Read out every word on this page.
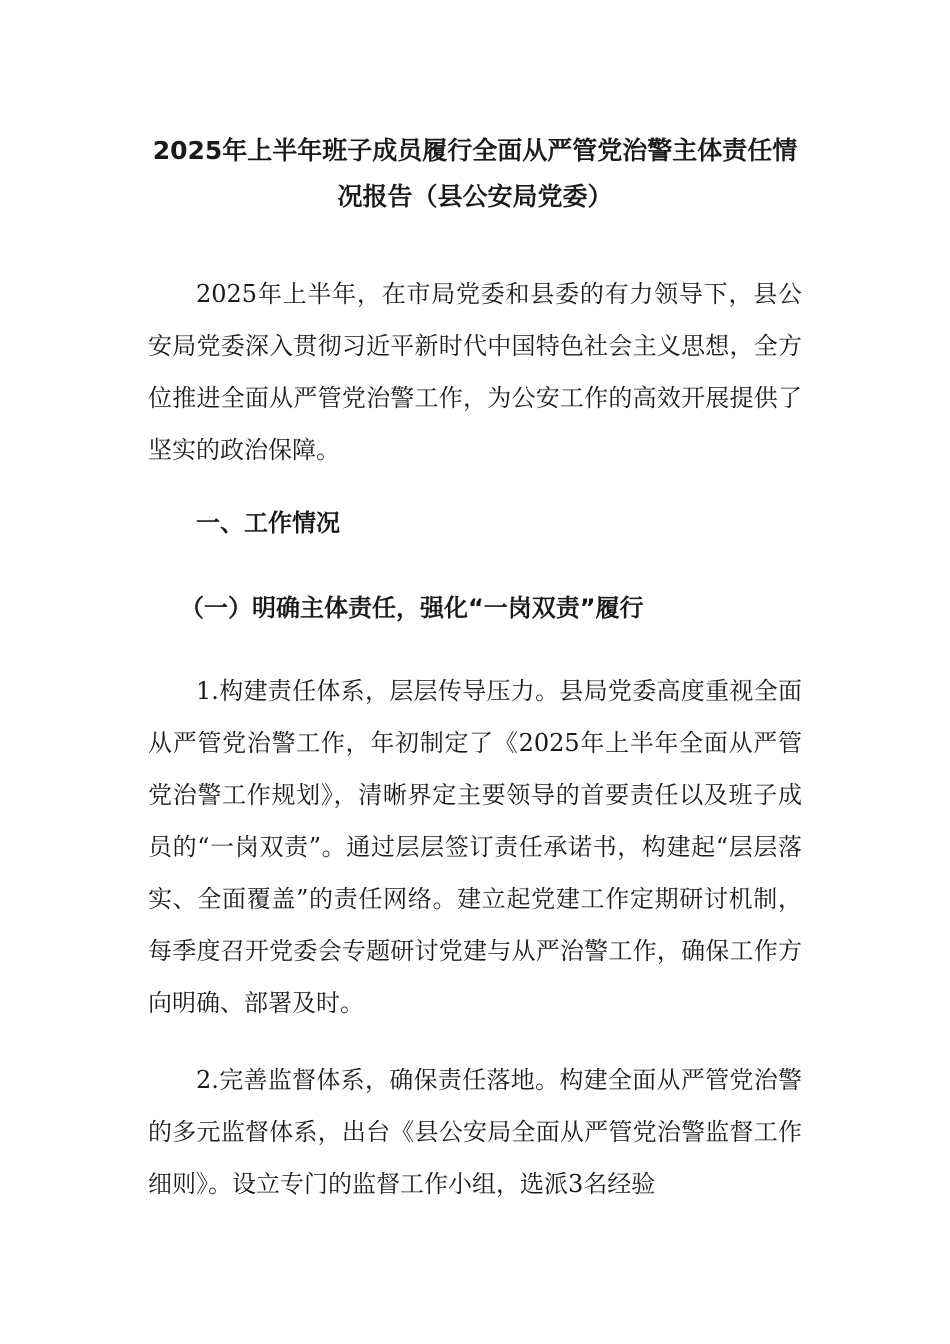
2025年上半年班子成员履行全面从严管党治警主体责任情况报告（县公安局党委）

2025年上半年，在市局党委和县委的有力领导下，县公安局党委深入贯彻习近平新时代中国特色社会主义思想，全方位推进全面从严管党治警工作，为公安工作的高效开展提供了坚实的政治保障。

一、工作情况
（一）明确主体责任，强化“一岗双责”履行

1.构建责任体系，层层传导压力。县局党委高度重视全面从严管党治警工作，年初制定了《2025年上半年全面从严管党治警工作规划》，清晰界定主要领导的首要责任以及班子成员的“一岗双责”。通过层层签订责任承诺书，构建起“层层落实、全面覆盖”的责任网络。建立起党建工作定期研讨机制，每季度召开党委会专题研讨党建与从严治警工作，确保工作方向明确、部署及时。

2.完善监督体系，确保责任落地。构建全面从严管党治警的多元监督体系，出台《县公安局全面从严管党治警监督工作细则》。设立专门的监督工作小组，选派3名经验
